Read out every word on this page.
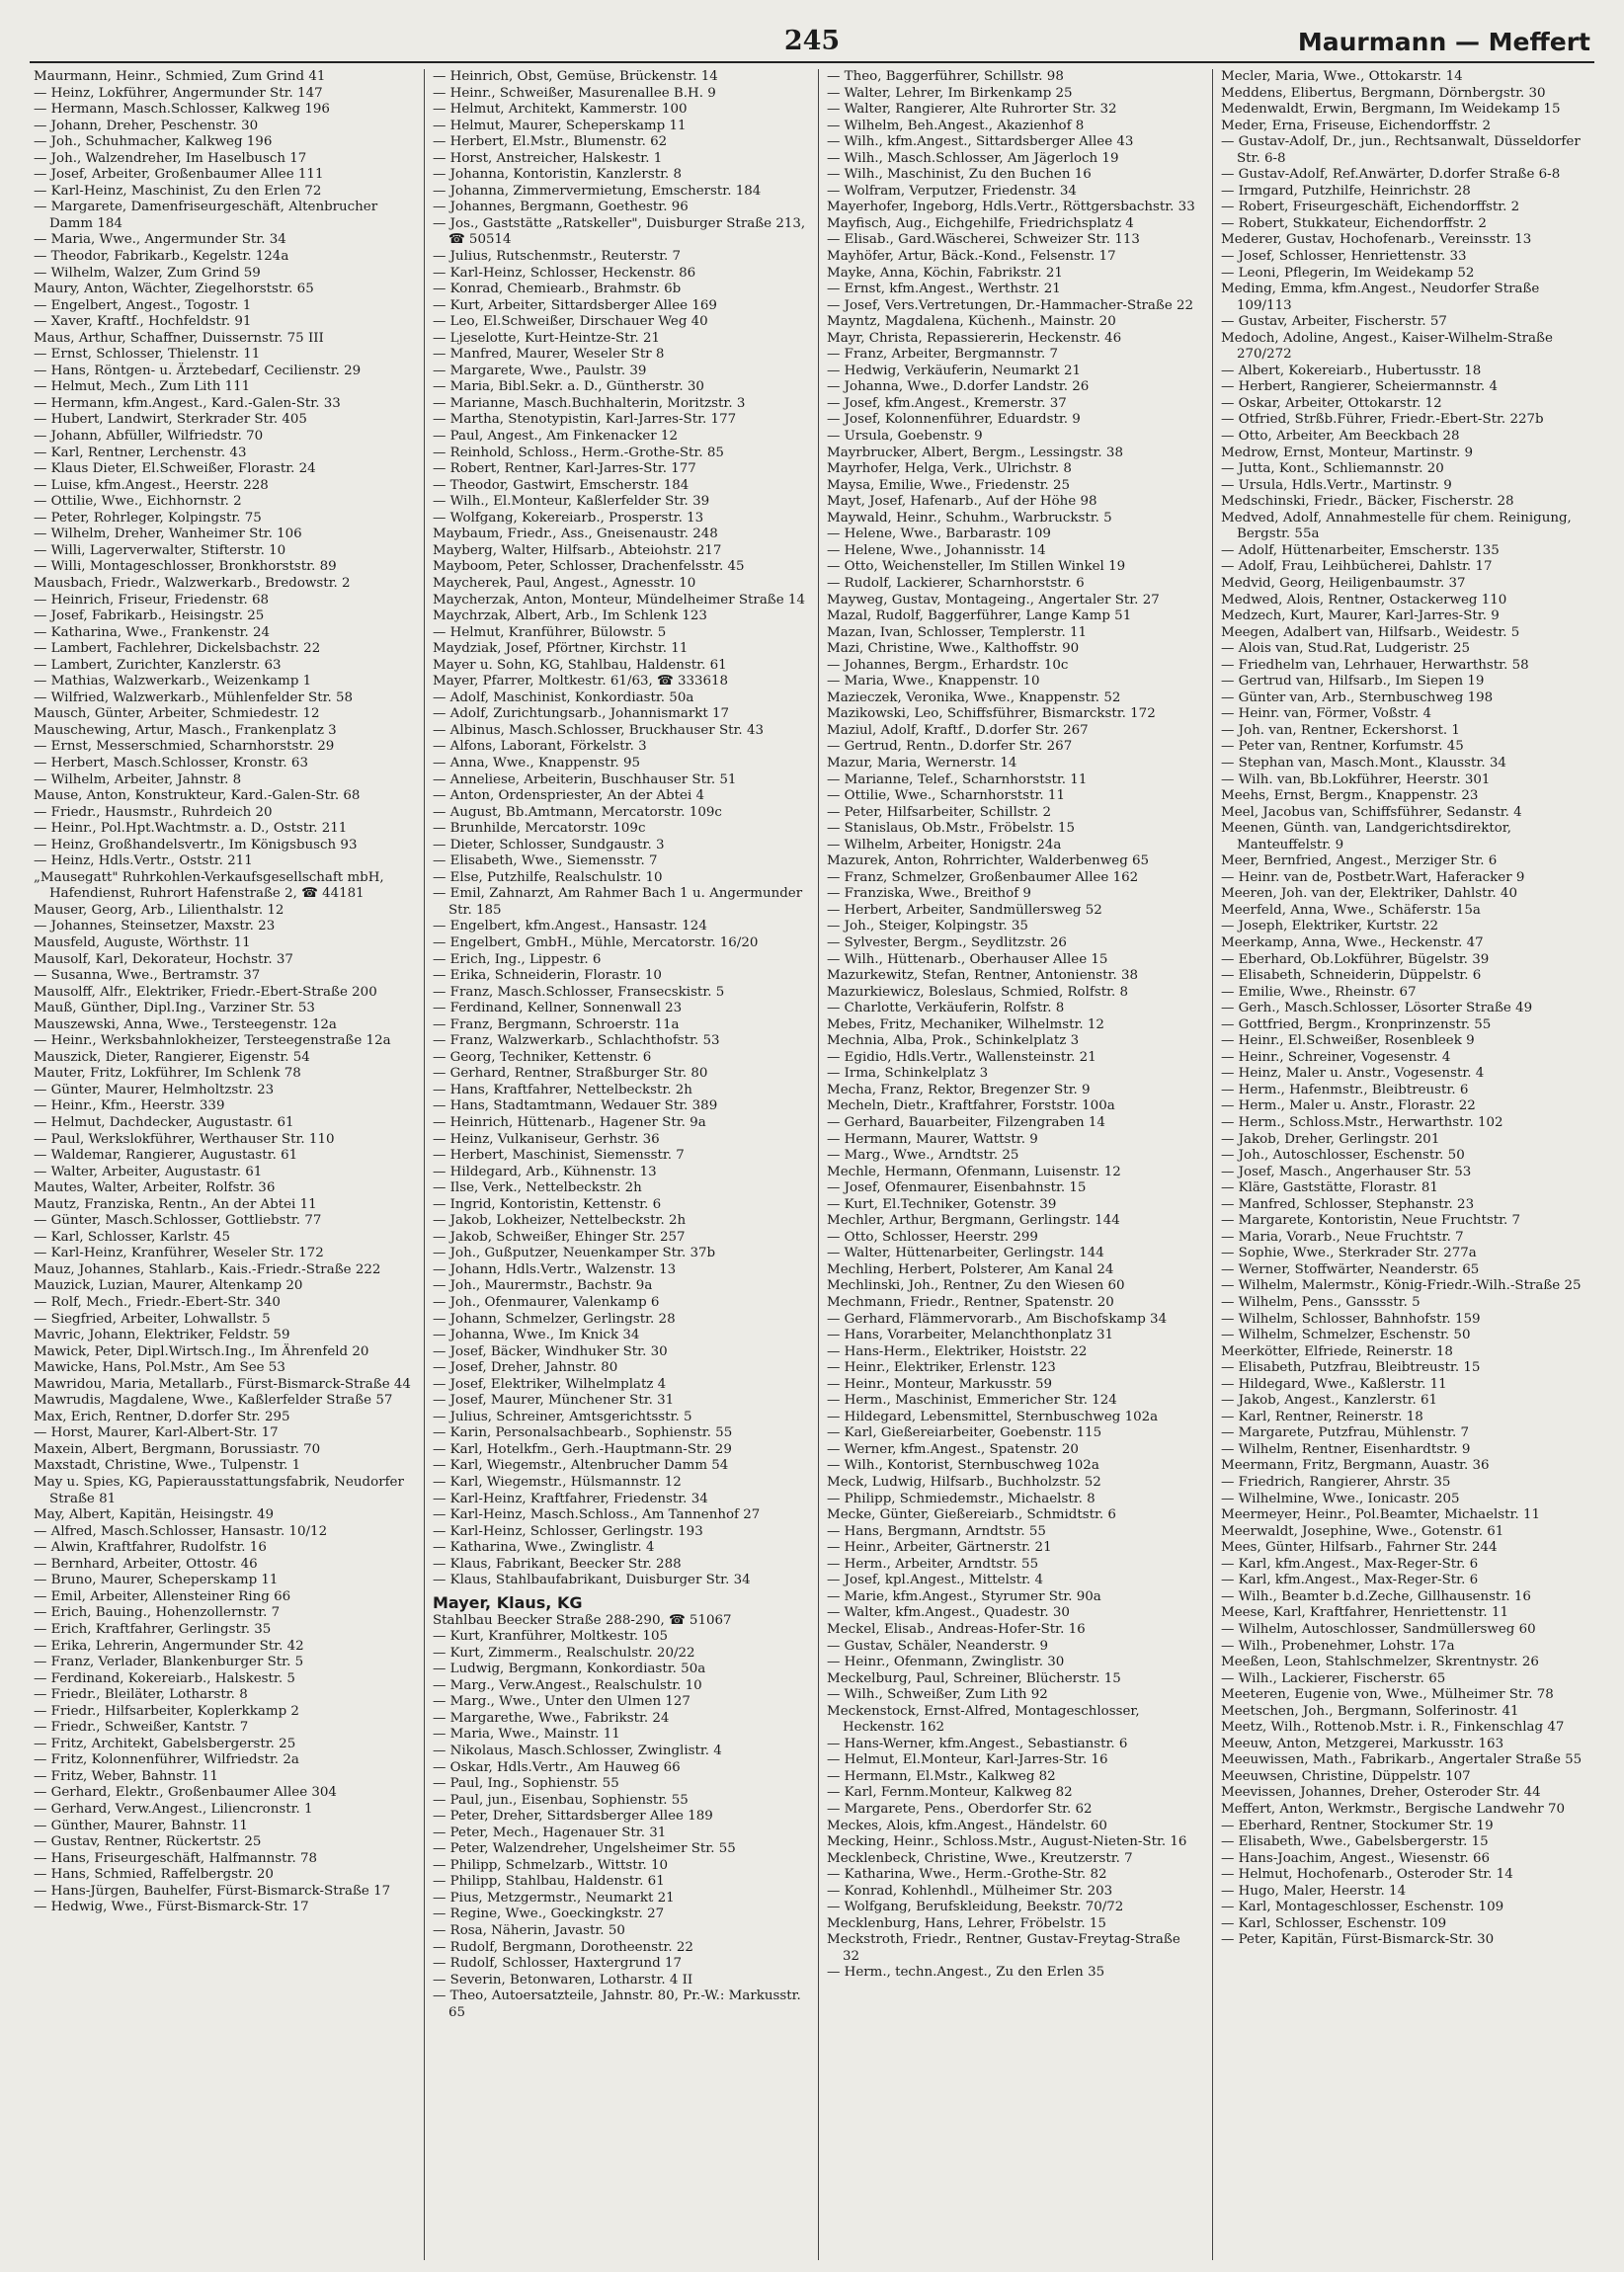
245	Maurmann — Meffert
Maurmann, Heinr., Schmied, Zum Grind 41
— Heinz, Lokführer, Angermunder Str. 147
— Hermann, Masch.Schlosser, Kalkweg 196
— Johann, Dreher, Peschenstr. 30
— Joh., Schuhmacher, Kalkweg 196
— Joh., Walzendreher, Im Haselbusch 17
— Josef, Arbeiter, Großenbaumer Allee 111
— Karl-Heinz, Maschinist, Zu den Erlen 72
— Margarete, Damenfriseurgeschäft, Altenbrucher Damm 184
— Maria, Wwe., Angermunder Str. 34
— Theodor, Fabrikarb., Kegelstr. 124a
— Wilhelm, Walzer, Zum Grind 59
Maury, Anton, Wächter, Ziegelhorststr. 65
— Engelbert, Angest., Togostr. 1
— Xaver, Kraftf., Hochfeldstr. 91
Maus, Arthur, Schaffner, Duissernstr. 75 III
— Ernst, Schlosser, Thielenstr. 11
— Hans, Röntgen- u. Ärztebedarf, Cecilienstr. 29
— Helmut, Mech., Zum Lith 111
— Hermann, kfm.Angest., Kard.-Galen-Str. 33
— Hubert, Landwirt, Sterkrader Str. 405
— Johann, Abfüller, Wilfriedstr. 70
— Karl, Rentner, Lerchenstr. 43
— Klaus Dieter, El.Schweißer, Florastr. 24
— Luise, kfm.Angest., Heerstr. 228
— Ottilie, Wwe., Eichhornstr. 2
— Peter, Rohrleger, Kolpingstr. 75
— Wilhelm, Dreher, Wanheimer Str. 106
— Willi, Lagerverwalter, Stifterstr. 10
— Willi, Montageschlosser, Bronkhorststr. 89
Mausbach, Friedr., Walzwerkarb., Bredowstr. 2
— Heinrich, Friseur, Friedenstr. 68
— Josef, Fabrikarb., Heisingstr. 25
— Katharina, Wwe., Frankenstr. 24
— Lambert, Fachlehrer, Dickelsbachstr. 22
— Lambert, Zurichter, Kanzlerstr. 63
— Mathias, Walzwerkarb., Weizenkamp 1
— Wilfried, Walzwerkarb., Mühlenfelder Str. 58
Mausch, Günter, Arbeiter, Schmiedestr. 12
Mauschewing, Artur, Masch., Frankenplatz 3
— Ernst, Messerschmied, Scharnhorststr. 29
— Herbert, Masch.Schlosser, Kronstr. 63
— Wilhelm, Arbeiter, Jahnstr. 8
Mause, Anton, Konstrukteur, Kard.-Galen-Str. 68
— Friedr., Hausmstr., Ruhrdeich 20
— Heinr., Pol.Hpt.Wachtmstr. a. D., Oststr. 211
— Heinz, Großhandelsvertr., Im Königsbusch 93
— Heinz, Hdls.Vertr., Oststr. 211
„Mausegatt" Ruhrkohlen-Verkaufsgesellschaft mbH, Hafendienst, Ruhrort Hafenstraße 2, ☎ 44181
Mauser, Georg, Arb., Lilienthalstr. 12
— Johannes, Steinsetzer, Maxstr. 23
Mausfeld, Auguste, Wörthstr. 11
Mausolf, Karl, Dekorateur, Hochstr. 37
— Susanna, Wwe., Bertramstr. 37
Mausolff, Alfr., Elektriker, Friedr.-Ebert-Straße 200
Mauß, Günther, Dipl.Ing., Varziner Str. 53
Mauszewski, Anna, Wwe., Tersteegenstr. 12a
— Heinr., Werksbahnlokheizer, Tersteegenstraße 12a
Mauszick, Dieter, Rangierer, Eigenstr. 54
Mauter, Fritz, Lokführer, Im Schlenk 78
— Günter, Maurer, Helmholtzstr. 23
— Heinr., Kfm., Heerstr. 339
— Helmut, Dachdecker, Augustastr. 61
— Paul, Werkslokführer, Werthauser Str. 110
— Waldemar, Rangierer, Augustastr. 61
— Walter, Arbeiter, Augustastr. 61
Mautes, Walter, Arbeiter, Rolfstr. 36
Mautz, Franziska, Rentn., An der Abtei 11
— Günter, Masch.Schlosser, Gottliebstr. 77
— Karl, Schlosser, Karlstr. 45
— Karl-Heinz, Kranführer, Weseler Str. 172
Mauz, Johannes, Stahlarb., Kais.-Friedr.-Straße 222
Mauzick, Luzian, Maurer, Altenkamp 20
— Rolf, Mech., Friedr.-Ebert-Str. 340
— Siegfried, Arbeiter, Lohwallstr. 5
Mavric, Johann, Elektriker, Feldstr. 59
Mawick, Peter, Dipl.Wirtsch.Ing., Im Ährenfeld 20
Mawicke, Hans, Pol.Mstr., Am See 53
Mawridou, Maria, Metallarb., Fürst-Bismarck-Straße 44
Mawrudis, Magdalene, Wwe., Kaßlerfelder Straße 57
Max, Erich, Rentner, D.dorfer Str. 295
— Horst, Maurer, Karl-Albert-Str. 17
Maxein, Albert, Bergmann, Borussiastr. 70
Maxstadt, Christine, Wwe., Tulpenstr. 1
May u. Spies, KG, Papierausstattungsfabrik, Neudorfer Straße 81
May, Albert, Kapitän, Heisingstr. 49
— Alfred, Masch.Schlosser, Hansastr. 10/12
— Alwin, Kraftfahrer, Rudolfstr. 16
— Bernhard, Arbeiter, Ottostr. 46
— Bruno, Maurer, Scheperskamp 11
— Emil, Arbeiter, Allensteiner Ring 66
— Erich, Bauing., Hohenzollernstr. 7
— Erich, Kraftfahrer, Gerlingstr. 35
— Erika, Lehrerin, Angermunder Str. 42
— Franz, Verlader, Blankenburger Str. 5
— Ferdinand, Kokereiarb., Halskestr. 5
— Friedr., Bleiläter, Lotharstr. 8
— Friedr., Hilfsarbeiter, Koplerkkamp 2
— Friedr., Schweißer, Kantstr. 7
— Fritz, Architekt, Gabelsbergerstr. 25
— Fritz, Kolonnenführer, Wilfriedstr. 2a
— Fritz, Weber, Bahnstr. 11
— Gerhard, Elektr., Großenbaumer Allee 304
— Gerhard, Verw.Angest., Liliencronstr. 1
— Günther, Maurer, Bahnstr. 11
— Gustav, Rentner, Rückertstr. 25
— Hans, Friseurgeschäft, Halfmannstr. 78
— Hans, Schmied, Raffelbergstr. 20
— Hans-Jürgen, Bauhelfer, Fürst-Bismarck-Straße 17
— Hedwig, Wwe., Fürst-Bismarck-Str. 17
— Heinrich, Obst, Gemüse, Brückenstr. 14
— Heinr., Schweißer, Masurenallee B.H. 9
— Helmut, Architekt, Kammerstr. 100
— Helmut, Maurer, Scheperskamp 11
— Herbert, El.Mstr., Blumenstr. 62
— Horst, Anstreicher, Halskestr. 1
— Johanna, Kontoristin, Kanzlerstr. 8
— Johanna, Zimmervermietung, Emscherstr. 184
— Johannes, Bergmann, Goethestr. 96
— Jos., Gaststätte „Ratskeller", Duisburger Straße 213, ☎ 50514
— Julius, Rutschenmstr., Reuterstr. 7
— Karl-Heinz, Schlosser, Heckenstr. 86
— Konrad, Chemiearb., Brahmstr. 6b
— Kurt, Arbeiter, Sittardsberger Allee 169
— Leo, El.Schweißer, Dirschauer Weg 40
— Ljeselotte, Kurt-Heintze-Str. 21
— Manfred, Maurer, Weseler Str 8
— Margarete, Wwe., Paulstr. 39
— Maria, Bibl.Sekr. a. D., Güntherstr. 30
— Marianne, Masch.Buchhalterin, Moritzstr. 3
— Martha, Stenotypistin, Karl-Jarres-Str. 177
— Paul, Angest., Am Finkenacker 12
— Reinhold, Schloss., Herm.-Grothe-Str. 85
— Robert, Rentner, Karl-Jarres-Str. 177
— Theodor, Gastwirt, Emscherstr. 184
— Wilh., El.Monteur, Kaßlerfelder Str. 39
— Wolfgang, Kokereiarb., Prosperstr. 13
Maybaum, Friedr., Ass., Gneisenaustr. 248
Mayberg, Walter, Hilfsarb., Abteiohstr. 217
Mayboom, Peter, Schlosser, Drachenfelsstr. 45
Maycherek, Paul, Angest., Agnesstr. 10
Maycherzak, Anton, Monteur, Mündelheimer Straße 14
Maychrzak, Albert, Arb., Im Schlenk 123
— Helmut, Kranführer, Bülowstr. 5
Maydziak, Josef, Pförtner, Kirchstr. 11
Mayer u. Sohn, KG, Stahlbau, Haldenstr. 61
Mayer, Pfarrer, Moltkestr. 61/63, ☎ 333618
— Adolf, Maschinist, Konkordiastr. 50a
— Adolf, Zurichtungsarb., Johannismarkt 17
— Albinus, Masch.Schlosser, Bruckhauser Str. 43
— Alfons, Laborant, Förkelstr. 3
— Anna, Wwe., Knappenstr. 95
— Anneliese, Arbeiterin, Buschhauser Str. 51
— Anton, Ordenspriester, An der Abtei 4
— August, Bb.Amtmann, Mercatorstr. 109c
— Brunhilde, Mercatorstr. 109c
— Dieter, Schlosser, Sundgaustr. 3
— Elisabeth, Wwe., Siemensstr. 7
— Else, Putzhilfe, Realschulstr. 10
— Emil, Zahnarzt, Am Rahmer Bach 1 u. Angermunder Str. 185
— Engelbert, kfm.Angest., Hansastr. 124
— Engelbert, GmbH., Mühle, Mercatorstr. 16/20
— Erich, Ing., Lippestr. 6
— Erika, Schneiderin, Florastr. 10
— Franz, Masch.Schlosser, Fransecskistr. 5
— Ferdinand, Kellner, Sonnenwall 23
— Franz, Bergmann, Schroerstr. 11a
— Franz, Walzwerkarb., Schlachthofstr. 53
— Georg, Techniker, Kettenstr. 6
— Gerhard, Rentner, Straßburger Str. 80
— Hans, Kraftfahrer, Nettelbeckstr. 2h
— Hans, Stadtamtmann, Wedauer Str. 389
— Heinrich, Hüttenarb., Hagener Str. 9a
— Heinz, Vulkaniseur, Gerhstr. 36
— Herbert, Maschinist, Siemensstr. 7
— Hildegard, Arb., Kühnenstr. 13
— Ilse, Verk., Nettelbeckstr. 2h
— Ingrid, Kontoristin, Kettenstr. 6
— Jakob, Lokheizer, Nettelbeckstr. 2h
— Jakob, Schweißer, Ehinger Str. 257
— Joh., Gußputzer, Neuenkamper Str. 37b
— Johann, Hdls.Vertr., Walzenstr. 13
— Joh., Maurermstr., Bachstr. 9a
— Joh., Ofenmaurer, Valenkamp 6
— Johann, Schmelzer, Gerlingstr. 28
— Johanna, Wwe., Im Knick 34
— Josef, Bäcker, Windhuker Str. 30
— Josef, Dreher, Jahnstr. 80
— Josef, Elektriker, Wilhelmplatz 4
— Josef, Maurer, Münchener Str. 31
— Julius, Schreiner, Amtsgerichtsstr. 5
— Karin, Personalsachbearb., Sophienstr. 55
— Karl, Hotelkfm., Gerh.-Hauptmann-Str. 29
— Karl, Wiegemstr., Altenbrucher Damm 54
— Karl, Wiegemstr., Hülsmannstr. 12
— Karl-Heinz, Kraftfahrer, Friedenstr. 34
— Karl-Heinz, Masch.Schloss., Am Tannenhof 27
— Karl-Heinz, Schlosser, Gerlingstr. 193
— Katharina, Wwe., Zwinglistr. 4
— Klaus, Fabrikant, Beecker Str. 288
— Klaus, Stahlbaufabrikant, Duisburger Str. 34
Mayer, Klaus, KG
Stahlbau Beecker Straße 288-290, ☎ 51067
— Kurt, Kranführer, Moltkestr. 105
— Kurt, Zimmerm., Realschulstr. 20/22
— Ludwig, Bergmann, Konkordiastr. 50a
— Marg., Verw.Angest., Realschulstr. 10
— Marg., Wwe., Unter den Ulmen 127
— Margarethe, Wwe., Fabrikstr. 24
— Maria, Wwe., Mainstr. 11
— Nikolaus, Masch.Schlosser, Zwinglistr. 4
— Oskar, Hdls.Vertr., Am Hauweg 66
— Paul, Ing., Sophienstr. 55
— Paul, jun., Eisenbau, Sophienstr. 55
— Peter, Dreher, Sittardsberger Allee 189
— Peter, Mech., Hagenauer Str. 31
— Peter, Walzendreher, Ungelsheimer Str. 55
— Philipp, Schmelzarb., Wittstr. 10
— Philipp, Stahlbau, Haldenstr. 61
— Pius, Metzgermstr., Neumarkt 21
— Regine, Wwe., Goeckingkstr. 27
— Rosa, Näherin, Javastr. 50
— Rudolf, Bergmann, Dorotheenstr. 22
— Rudolf, Schlosser, Haxtergrund 17
— Severin, Betonwaren, Lotharstr. 4 II
— Theo, Autoersatzteile, Jahnstr. 80, Pr.-W.: Markusstr. 65
— Theo, Baggerführer, Schillstr. 98
— Walter, Lehrer, Im Birkenkamp 25
— Walter, Rangierer, Alte Ruhrorter Str. 32
— Wilhelm, Beh.Angest., Akazienhof 8
— Wilh., kfm.Angest., Sittardsberger Allee 43
— Wilh., Masch.Schlosser, Am Jägerloch 19
— Wilh., Maschinist, Zu den Buchen 16
— Wolfram, Verputzer, Friedenstr. 34
Mayerhofer, Ingeborg, Hdls.Vertr., Röttgersbachstr. 33
Mayfisch, Aug., Eichgehilfe, Friedrichsplatz 4
— Elisab., Gard.Wäscherei, Schweizer Str. 113
Mayhöfer, Artur, Bäck.-Kond., Felsenstr. 17
Mayke, Anna, Köchin, Fabrikstr. 21
— Ernst, kfm.Angest., Werthstr. 21
— Josef, Vers.Vertretungen, Dr.-Hammacher-Straße 22
Mayntz, Magdalena, Küchenh., Mainstr. 20
Mayr, Christa, Repassiererin, Heckenstr. 46
— Franz, Arbeiter, Bergmannstr. 7
— Hedwig, Verkäuferin, Neumarkt 21
— Johanna, Wwe., D.dorfer Landstr. 26
— Josef, kfm.Angest., Kremerstr. 37
— Josef, Kolonnenführer, Eduardstr. 9
— Ursula, Goebenstr. 9
Mayrbrucker, Albert, Bergm., Lessingstr. 38
Mayrhofer, Helga, Verk., Ulrichstr. 8
Maysa, Emilie, Wwe., Friedenstr. 25
Mayt, Josef, Hafenarb., Auf der Höhe 98
Maywald, Heinr., Schuhm., Warbruckstr. 5
— Helene, Wwe., Barbarastr. 109
— Helene, Wwe., Johannisstr. 14
— Otto, Weichensteller, Im Stillen Winkel 19
— Rudolf, Lackierer, Scharnhorststr. 6
Mayweg, Gustav, Montageing., Angertaler Str. 27
Mazal, Rudolf, Baggerführer, Lange Kamp 51
Mazan, Ivan, Schlosser, Templerstr. 11
Mazi, Christine, Wwe., Kalthoffstr. 90
— Johannes, Bergm., Erhardstr. 10c
— Maria, Wwe., Knappenstr. 10
Mazieczek, Veronika, Wwe., Knappenstr. 52
Mazikowski, Leo, Schiffsführer, Bismarckstr. 172
Maziul, Adolf, Kraftf., D.dorfer Str. 267
— Gertrud, Rentn., D.dorfer Str. 267
Mazur, Maria, Wernerstr. 14
— Marianne, Telef., Scharnhorststr. 11
— Ottilie, Wwe., Scharnhorststr. 11
— Peter, Hilfsarbeiter, Schillstr. 2
— Stanislaus, Ob.Mstr., Fröbelstr. 15
— Wilhelm, Arbeiter, Honigstr. 24a
Mazurek, Anton, Rohrrichter, Walderbenweg 65
— Franz, Schmelzer, Großenbaumer Allee 162
— Franziska, Wwe., Breithof 9
— Herbert, Arbeiter, Sandmüllersweg 52
— Joh., Steiger, Kolpingstr. 35
— Sylvester, Bergm., Seydlitzstr. 26
— Wilh., Hüttenarb., Oberhauser Allee 15
Mazurkewitz, Stefan, Rentner, Antonienstr. 38
Mazurkiewicz, Boleslaus, Schmied, Rolfstr. 8
— Charlotte, Verkäuferin, Rolfstr. 8
Mebes, Fritz, Mechaniker, Wilhelmstr. 12
Mechnia, Alba, Prok., Schinkelplatz 3
— Egidio, Hdls.Vertr., Wallensteinstr. 21
— Irma, Schinkelplatz 3
Mecha, Franz, Rektor, Bregenzer Str. 9
Mecheln, Dietr., Kraftfahrer, Forststr. 100a
— Gerhard, Bauarbeiter, Filzengraben 14
— Hermann, Maurer, Wattstr. 9
— Marg., Wwe., Arndtstr. 25
Mechle, Hermann, Ofenmann, Luisenstr. 12
— Josef, Ofenmaurer, Eisenbahnstr. 15
— Kurt, El.Techniker, Gotenstr. 39
Mechler, Arthur, Bergmann, Gerlingstr. 144
— Otto, Schlosser, Heerstr. 299
— Walter, Hüttenarbeiter, Gerlingstr. 144
Mechling, Herbert, Polsterer, Am Kanal 24
Mechlinski, Joh., Rentner, Zu den Wiesen 60
Mechmann, Friedr., Rentner, Spatenstr. 20
— Gerhard, Flämmervorarb., Am Bischofskamp 34
— Hans, Vorarbeiter, Melanchthonplatz 31
— Hans-Herm., Elektriker, Hoiststr. 22
— Heinr., Elektriker, Erlenstr. 123
— Heinr., Monteur, Markusstr. 59
— Herm., Maschinist, Emmericher Str. 124
— Hildegard, Lebensmittel, Sternbuschweg 102a
— Karl, Gießereiarbeiter, Goebenstr. 115
— Werner, kfm.Angest., Spatenstr. 20
— Wilh., Kontorist, Sternbuschweg 102a
Meck, Ludwig, Hilfsarb., Buchholzstr. 52
— Philipp, Schmiedemstr., Michaelstr. 8
Mecke, Günter, Gießereiarb., Schmidtstr. 6
— Hans, Bergmann, Arndtstr. 55
— Heinr., Arbeiter, Gärtnerstr. 21
— Herm., Arbeiter, Arndtstr. 55
— Josef, kpl.Angest., Mittelstr. 4
— Marie, kfm.Angest., Styrumer Str. 90a
— Walter, kfm.Angest., Quadestr. 30
Meckel, Elisab., Andreas-Hofer-Str. 16
— Gustav, Schäler, Neanderstr. 9
— Heinr., Ofenmann, Zwinglistr. 30
Meckelburg, Paul, Schreiner, Blücherstr. 15
— Wilh., Schweißer, Zum Lith 92
Meckenstock, Ernst-Alfred, Montageschlosser, Heckenstr. 162
— Hans-Werner, kfm.Angest., Sebastianstr. 6
— Helmut, El.Monteur, Karl-Jarres-Str. 16
— Hermann, El.Mstr., Kalkweg 82
— Karl, Fernm.Monteur, Kalkweg 82
— Margarete, Pens., Oberdorfer Str. 62
Meckes, Alois, kfm.Angest., Händelstr. 60
Mecking, Heinr., Schloss.Mstr., August-Nieten-Str. 16
Mecklenbeck, Christine, Wwe., Kreutzerstr. 7
— Katharina, Wwe., Herm.-Grothe-Str. 82
— Konrad, Kohlenhdl., Mülheimer Str. 203
— Wolfgang, Berufskleidung, Beekstr. 70/72
Mecklenburg, Hans, Lehrer, Fröbelstr. 15
Meckstroth, Friedr., Rentner, Gustav-Freytag-Straße 32
— Herm., techn.Angest., Zu den Erlen 35
Mecler, Maria, Wwe., Ottokarstr. 14
Meddens, Elibertus, Bergmann, Dörnbergstr. 30
Medenwaldt, Erwin, Bergmann, Im Weidekamp 15
Meder, Erna, Friseuse, Eichendorffstr. 2
— Gustav-Adolf, Dr., jun., Rechtsanwalt, Düsseldorfer Str. 6-8
— Gustav-Adolf, Ref.Anwärter, D.dorfer Straße 6-8
— Irmgard, Putzhilfe, Heinrichstr. 28
— Robert, Friseurgeschäft, Eichendorffstr. 2
— Robert, Stukkateur, Eichendorffstr. 2
Mederer, Gustav, Hochofenarb., Vereinsstr. 13
— Josef, Schlosser, Henriettenstr. 33
— Leoni, Pflegerin, Im Weidekamp 52
Meding, Emma, kfm.Angest., Neudorfer Straße 109/113
— Gustav, Arbeiter, Fischerstr. 57
Medoch, Adoline, Angest., Kaiser-Wilhelm-Straße 270/272
— Albert, Kokereiarb., Hubertusstr. 18
— Herbert, Rangierer, Scheiermannstr. 4
— Oskar, Arbeiter, Ottokarstr. 12
— Otfried, Strßb.Führer, Friedr.-Ebert-Str. 227b
— Otto, Arbeiter, Am Beeckbach 28
Medrow, Ernst, Monteur, Martinstr. 9
— Jutta, Kont., Schliemannstr. 20
— Ursula, Hdls.Vertr., Martinstr. 9
Medschinski, Friedr., Bäcker, Fischerstr. 28
Medved, Adolf, Annahmestelle für chem. Reinigung, Bergstr. 55a
— Adolf, Hüttenarbeiter, Emscherstr. 135
— Adolf, Frau, Leihbücherei, Dahlstr. 17
Medvid, Georg, Heiligenbaumstr. 37
Medwed, Alois, Rentner, Ostackerweg 110
Medzech, Kurt, Maurer, Karl-Jarres-Str. 9
Meegen, Adalbert van, Hilfsarb., Weidestr. 5
— Alois van, Stud.Rat, Ludgeristr. 25
— Friedhelm van, Lehrhauer, Herwarthstr. 58
— Gertrud van, Hilfsarb., Im Siepen 19
— Günter van, Arb., Sternbuschweg 198
— Heinr. van, Förmer, Voßstr. 4
— Joh. van, Rentner, Eckershorst. 1
— Peter van, Rentner, Korfumstr. 45
— Stephan van, Masch.Mont., Klausstr. 34
— Wilh. van, Bb.Lokführer, Heerstr. 301
Meehs, Ernst, Bergm., Knappenstr. 23
Meel, Jacobus van, Schiffsführer, Sedanstr. 4
Meenen, Günth. van, Landgerichtsdirektor, Manteuffelstr. 9
Meer, Bernfried, Angest., Merziger Str. 6
— Heinr. van de, Postbetr.Wart, Haferacker 9
Meeren, Joh. van der, Elektriker, Dahlstr. 40
Meerfeld, Anna, Wwe., Schäferstr. 15a
— Joseph, Elektriker, Kurtstr. 22
Meerkamp, Anna, Wwe., Heckenstr. 47
— Eberhard, Ob.Lokführer, Bügelstr. 39
— Elisabeth, Schneiderin, Düppelstr. 6
— Emilie, Wwe., Rheinstr. 67
— Gerh., Masch.Schlosser, Lösorter Straße 49
— Gottfried, Bergm., Kronprinzenstr. 55
— Heinr., El.Schweißer, Rosenbleek 9
— Heinr., Schreiner, Vogesenstr. 4
— Heinz, Maler u. Anstr., Vogesenstr. 4
— Herm., Hafenmstr., Bleibtreustr. 6
— Herm., Maler u. Anstr., Florastr. 22
— Herm., Schloss.Mstr., Herwarthstr. 102
— Jakob, Dreher, Gerlingstr. 201
— Joh., Autoschlosser, Eschenstr. 50
— Josef, Masch., Angerhauser Str. 53
— Kläre, Gaststätte, Florastr. 81
— Manfred, Schlosser, Stephanstr. 23
— Margarete, Kontoristin, Neue Fruchtstr. 7
— Maria, Vorarb., Neue Fruchtstr. 7
— Sophie, Wwe., Sterkrader Str. 277a
— Werner, Stoffwärter, Neanderstr. 65
— Wilhelm, Malermstr., König-Friedr.-Wilh.-Straße 25
— Wilhelm, Pens., Ganssstr. 5
— Wilhelm, Schlosser, Bahnhofstr. 159
— Wilhelm, Schmelzer, Eschenstr. 50
Meerkötter, Elfriede, Reinerstr. 18
— Elisabeth, Putzfrau, Bleibtreustr. 15
— Hildegard, Wwe., Kaßlerstr. 11
— Jakob, Angest., Kanzlerstr. 61
— Karl, Rentner, Reinerstr. 18
— Margarete, Putzfrau, Mühlenstr. 7
— Wilhelm, Rentner, Eisenhardtstr. 9
Meermann, Fritz, Bergmann, Auastr. 36
— Friedrich, Rangierer, Ahrstr. 35
— Wilhelmine, Wwe., Ionicastr. 205
Meermeyer, Heinr., Pol.Beamter, Michaelstr. 11
Meerwaldt, Josephine, Wwe., Gotenstr. 61
Mees, Günter, Hilfsarb., Fahrner Str. 244
— Karl, kfm.Angest., Max-Reger-Str. 6
— Karl, kfm.Angest., Max-Reger-Str. 6
— Wilh., Beamter b.d.Zeche, Gillhausenstr. 16
Meese, Karl, Kraftfahrer, Henriettenstr. 11
— Wilhelm, Autoschlosser, Sandmüllersweg 60
— Wilh., Probenehmer, Lohstr. 17a
Meeßen, Leon, Stahlschmelzer, Skrentnystr. 26
— Wilh., Lackierer, Fischerstr. 65
Meeteren, Eugenie von, Wwe., Mülheimer Str. 78
Meetschen, Joh., Bergmann, Solferinostr. 41
Meetz, Wilh., Rottenob.Mstr. i. R., Finkenschlag 47
Meeuw, Anton, Metzgerei, Markusstr. 163
Meeuwissen, Math., Fabrikarb., Angertaler Straße 55
Meeuwsen, Christine, Düppelstr. 107
Meevissen, Johannes, Dreher, Osteroder Str. 44
Meffert, Anton, Werkmstr., Bergische Landwehr 70
— Eberhard, Rentner, Stockumer Str. 19
— Elisabeth, Wwe., Gabelsbergerstr. 15
— Hans-Joachim, Angest., Wiesenstr. 66
— Helmut, Hochofenarb., Osteroder Str. 14
— Hugo, Maler, Heerstr. 14
— Karl, Montageschlosser, Eschenstr. 109
— Karl, Schlosser, Eschenstr. 109
— Peter, Kapitän, Fürst-Bismarck-Str. 30
